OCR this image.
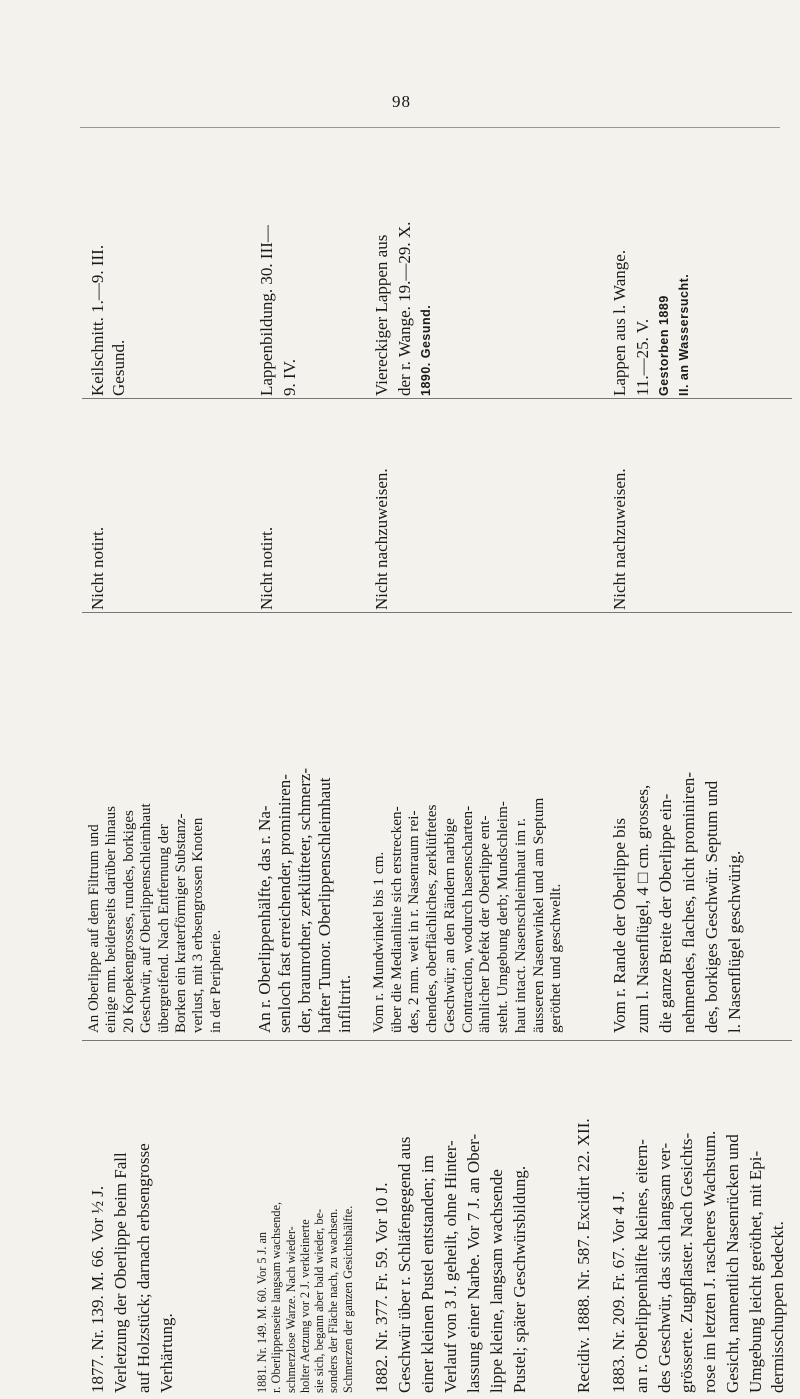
98
1877. Nr. 139. M. 66. Vor ½ J.
Verletzung der Oberlippe beim Fall
auf Holzstück; darnach erbsengrosse
Verhärtung.
An Oberlippe auf dem Filtrum und
einige mm. beiderseits darüber hinaus
20 Kopekengrosses, rundes, borkiges
Geschwür, auf Oberlippenschleimhaut
übergreifend. Nach Entfernung der
Borken ein kraterförmiger Substanz-
verlust, mit 3 erbsengrossen Knoten
in der Peripherie.
Nicht notirt.
Keilschnitt. 1.—9. III. Gesund.
1881. Nr. 149. M. 60. Vor 5 J. an
r. Oberlippenseite langsam wachsende,
schmerzlose Warze. Nach wieder-
holter Aetzung vor 2 J. verkleinerte
sie sich, begann aber bald wieder, be-
sonders der Fläche nach, zu wachsen.
Schmerzen der ganzen Gesichtshälfte.
An r. Oberlippenhälfte, das r. Na-
senloch fast erreichender, prominiren-
der, braunrother, zerklüfteter, schmerz-
hafter Tumor. Oberlippenschleimhaut
infiltrirt.
Nicht notirt.
Lappenbildung. 30. III—
9. IV.
1882. Nr. 377. Fr. 59. Vor 10 J.
Geschwür über r. Schläfengegend aus
einer kleinen Pustel entstanden; im
Verlauf von 3 J. geheilt, ohne Hinter-
lassung einer Narbe. Vor 7 J. an Ober-
lippe kleine, langsam wachsende
Pustel; später Geschwürsbildung.
Vom r. Mundwinkel bis 1 cm.
über die Medianlinie sich erstrecken-
des, 2 mm. weit in r. Nasenraum rei-
chendes, oberflächliches, zerklüftetes
Geschwür; an den Rändern narbige
Contraction, wodurch hasenscharten-
ähnlicher Defekt der Oberlippe ent-
steht. Umgebung derb; Mundschleim-
haut intact. Nasenschleimhaut im r.
äusseren Nasenwinkel und am Septum
geröthet und geschwellt.
Nicht nachzuweisen.
Viereckiger Lappen aus
der r. Wange. 19.—29. X.
1890. Gesund.
Recidiv. 1888. Nr. 587. Excidirt 22. XII. 1883. Nr. 209. Fr. 67. Vor 4 J.
an r. Oberlippenhälfte kleines, eitern-
des Geschwür, das sich langsam ver-
grösserte. Zugpflaster. Nach Gesichts-
rose im letzten J. rascheres Wachstum.
Gesicht, namentlich Nasenrücken und
Umgebung leicht geröthet, mit Epi-
dermisschuppen bedeckt.
Vom r. Rande der Oberlippe bis
zum l. Nasenflügel, 4 □ cm. grosses,
die ganze Breite der Oberlippe ein-
nehmendes, flaches, nicht prominiren-
des, borkiges Geschwür. Septum und
l. Nasenflügel geschwürig.
Nicht nachzuweisen.
Lappen aus l. Wange.
11.—25. V.
Gestorben 1889
II. an Wassersucht.
